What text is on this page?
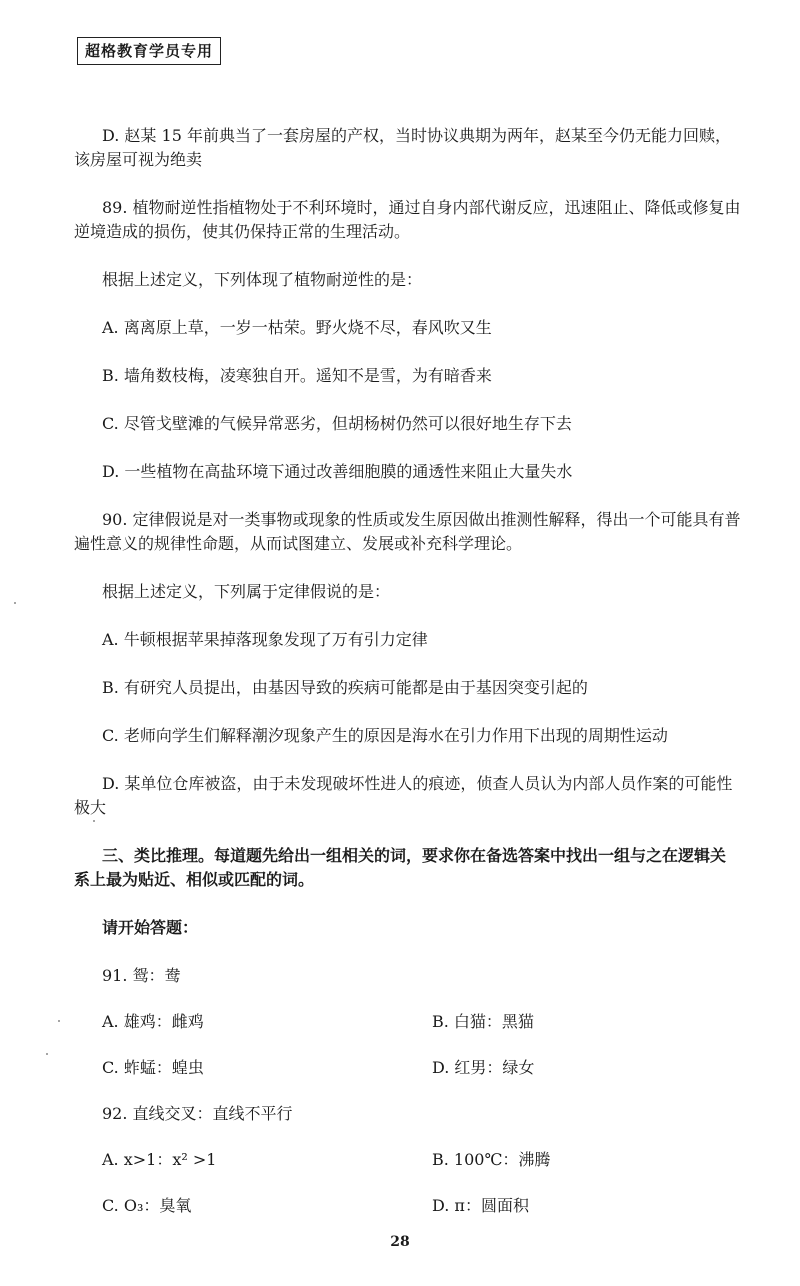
超格教育学员专用
D. 赵某 15 年前典当了一套房屋的产权，当时协议典期为两年，赵某至今仍无能力回赎，
该房屋可视为绝卖
89. 植物耐逆性指植物处于不利环境时，通过自身内部代谢反应，迅速阻止、降低或修复由
逆境造成的损伤，使其仍保持正常的生理活动。
根据上述定义，下列体现了植物耐逆性的是：
A. 离离原上草，一岁一枯荣。野火烧不尽，春风吹又生
B. 墙角数枝梅，凌寒独自开。遥知不是雪，为有暗香来
C. 尽管戈壁滩的气候异常恶劣，但胡杨树仍然可以很好地生存下去
D. 一些植物在高盐环境下通过改善细胞膜的通透性来阻止大量失水
90. 定律假说是对一类事物或现象的性质或发生原因做出推测性解释，得出一个可能具有普
遍性意义的规律性命题，从而试图建立、发展或补充科学理论。
根据上述定义，下列属于定律假说的是：
A. 牛顿根据苹果掉落现象发现了万有引力定律
B. 有研究人员提出，由基因导致的疾病可能都是由于基因突变引起的
C. 老师向学生们解释潮汐现象产生的原因是海水在引力作用下出现的周期性运动
D. 某单位仓库被盗，由于未发现破坏性进人的痕迹，侦查人员认为内部人员作案的可能性
极大
三、类比推理。每道题先给出一组相关的词，要求你在备选答案中找出一组与之在逻辑关
系上最为贴近、相似或匹配的词。
请开始答题：
91. 鸳：鸯
A. 雄鸡：雌鸡	B. 白猫：黑猫
C. 蚱蜢：蝗虫	D. 红男：绿女
92. 直线交叉：直线不平行
A. x>1：x² >1	B. 100℃：沸腾
C. O₃：臭氧	D. π：圆面积
28
